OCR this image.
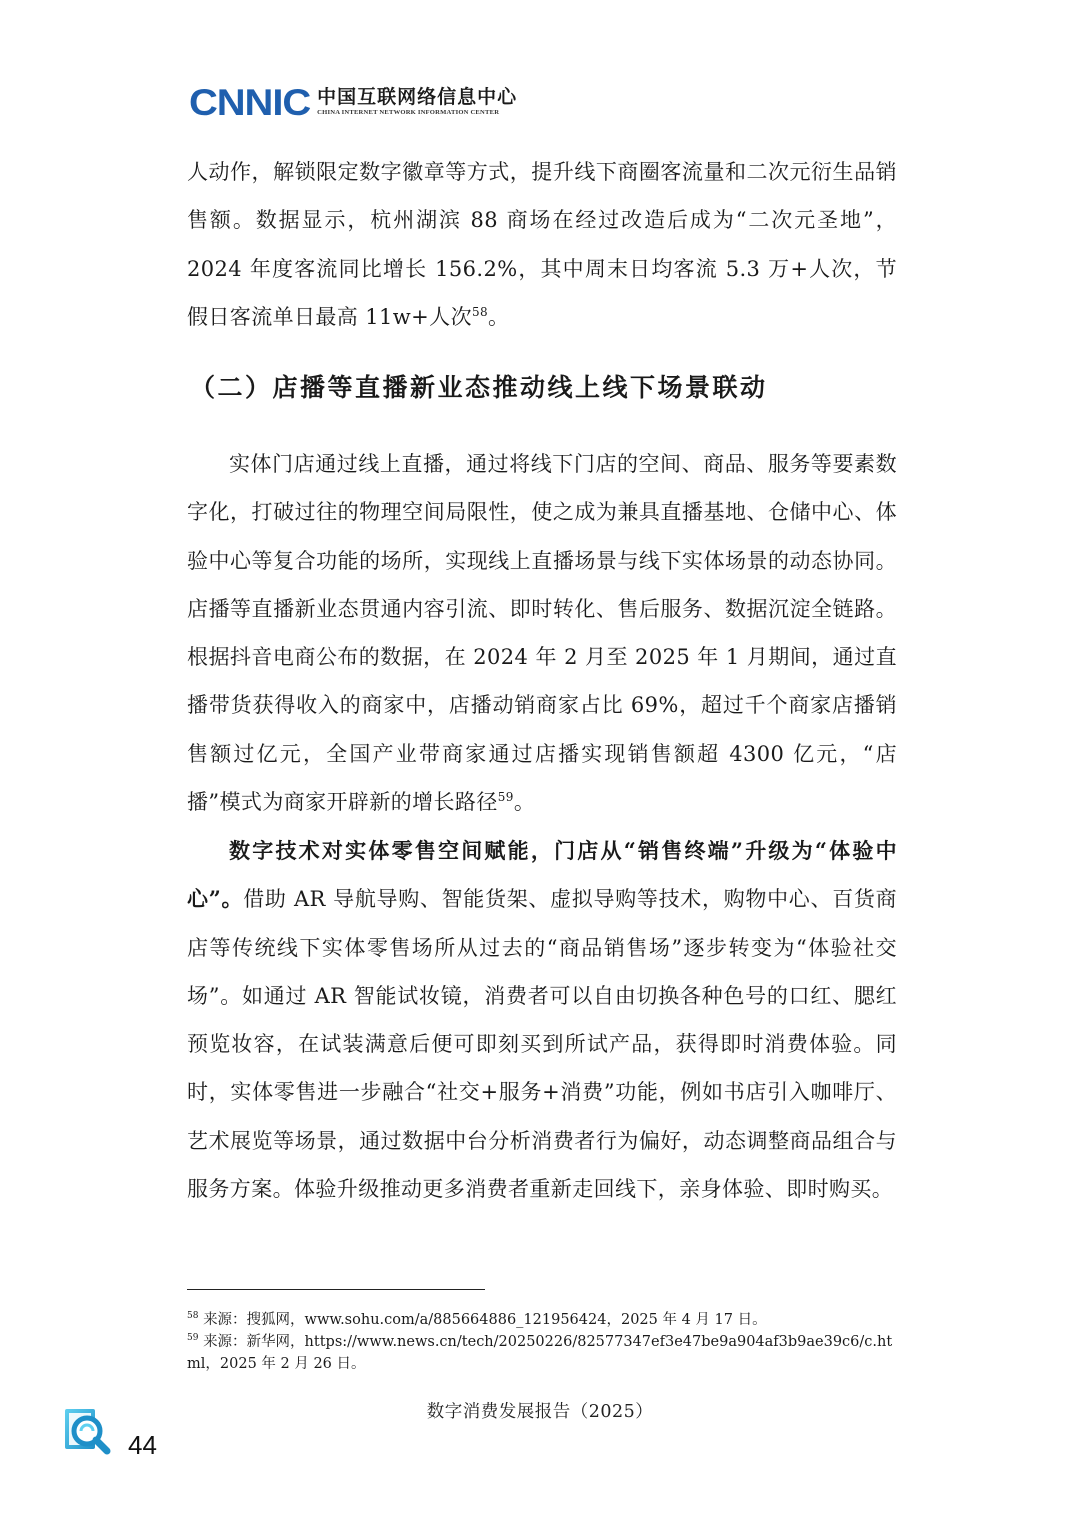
CNNIC 中国互联网络信息中心
CHINA INTERNET NETWORK INFORMATION CENTER

人动作，解锁限定数字徽章等方式，提升线下商圈客流量和二次元衍生品销售额。数据显示，杭州湖滨 88 商场在经过改造后成为“二次元圣地”，2024 年度客流同比增长 156.2%，其中周末日均客流 5.3 万+人次，节假日客流单日最高 11w+人次$^{58}$。

（二）店播等直播新业态推动线上线下场景联动

实体门店通过线上直播，通过将线下门店的空间、商品、服务等要素数字化，打破过往的物理空间局限性，使之成为兼具直播基地、仓储中心、体验中心等复合功能的场所，实现线上直播场景与线下实体场景的动态协同。店播等直播新业态贯通内容引流、即时转化、售后服务、数据沉淀全链路。根据抖音电商公布的数据，在 2024 年 2 月至 2025 年 1 月期间，通过直播带货获得收入的商家中，店播动销商家占比 69%，超过千个商家店播销售额过亿元，全国产业带商家通过店播实现销售额超 4300 亿元，“店播”模式为商家开辟新的增长路径$^{59}$。

数字技术对实体零售空间赋能，门店从“销售终端”升级为“体验中心”。借助 AR 导航导购、智能货架、虚拟导购等技术，购物中心、百货商店等传统线下实体零售场所从过去的“商品销售场”逐步转变为“体验社交场”。如通过 AR 智能试妆镜，消费者可以自由切换各种色号的口红、腮红预览妆容，在试装满意后便可即刻买到所试产品，获得即时消费体验。同时，实体零售进一步融合“社交+服务+消费”功能，例如书店引入咖啡厅、艺术展览等场景，通过数据中台分析消费者行为偏好，动态调整商品组合与服务方案。体验升级推动更多消费者重新走回线下，亲身体验、即时购买。

$^{58}$ 来源：搜狐网，www.sohu.com/a/885664886_121956424，2025 年 4 月 17 日。

$^{59}$ 来源：新华网，https://www.news.cn/tech/20250226/82577347ef3e47be9a904af3b9ae39c6/c.html，2025 年 2 月 26 日。

数字消费发展报告（2025）
44
